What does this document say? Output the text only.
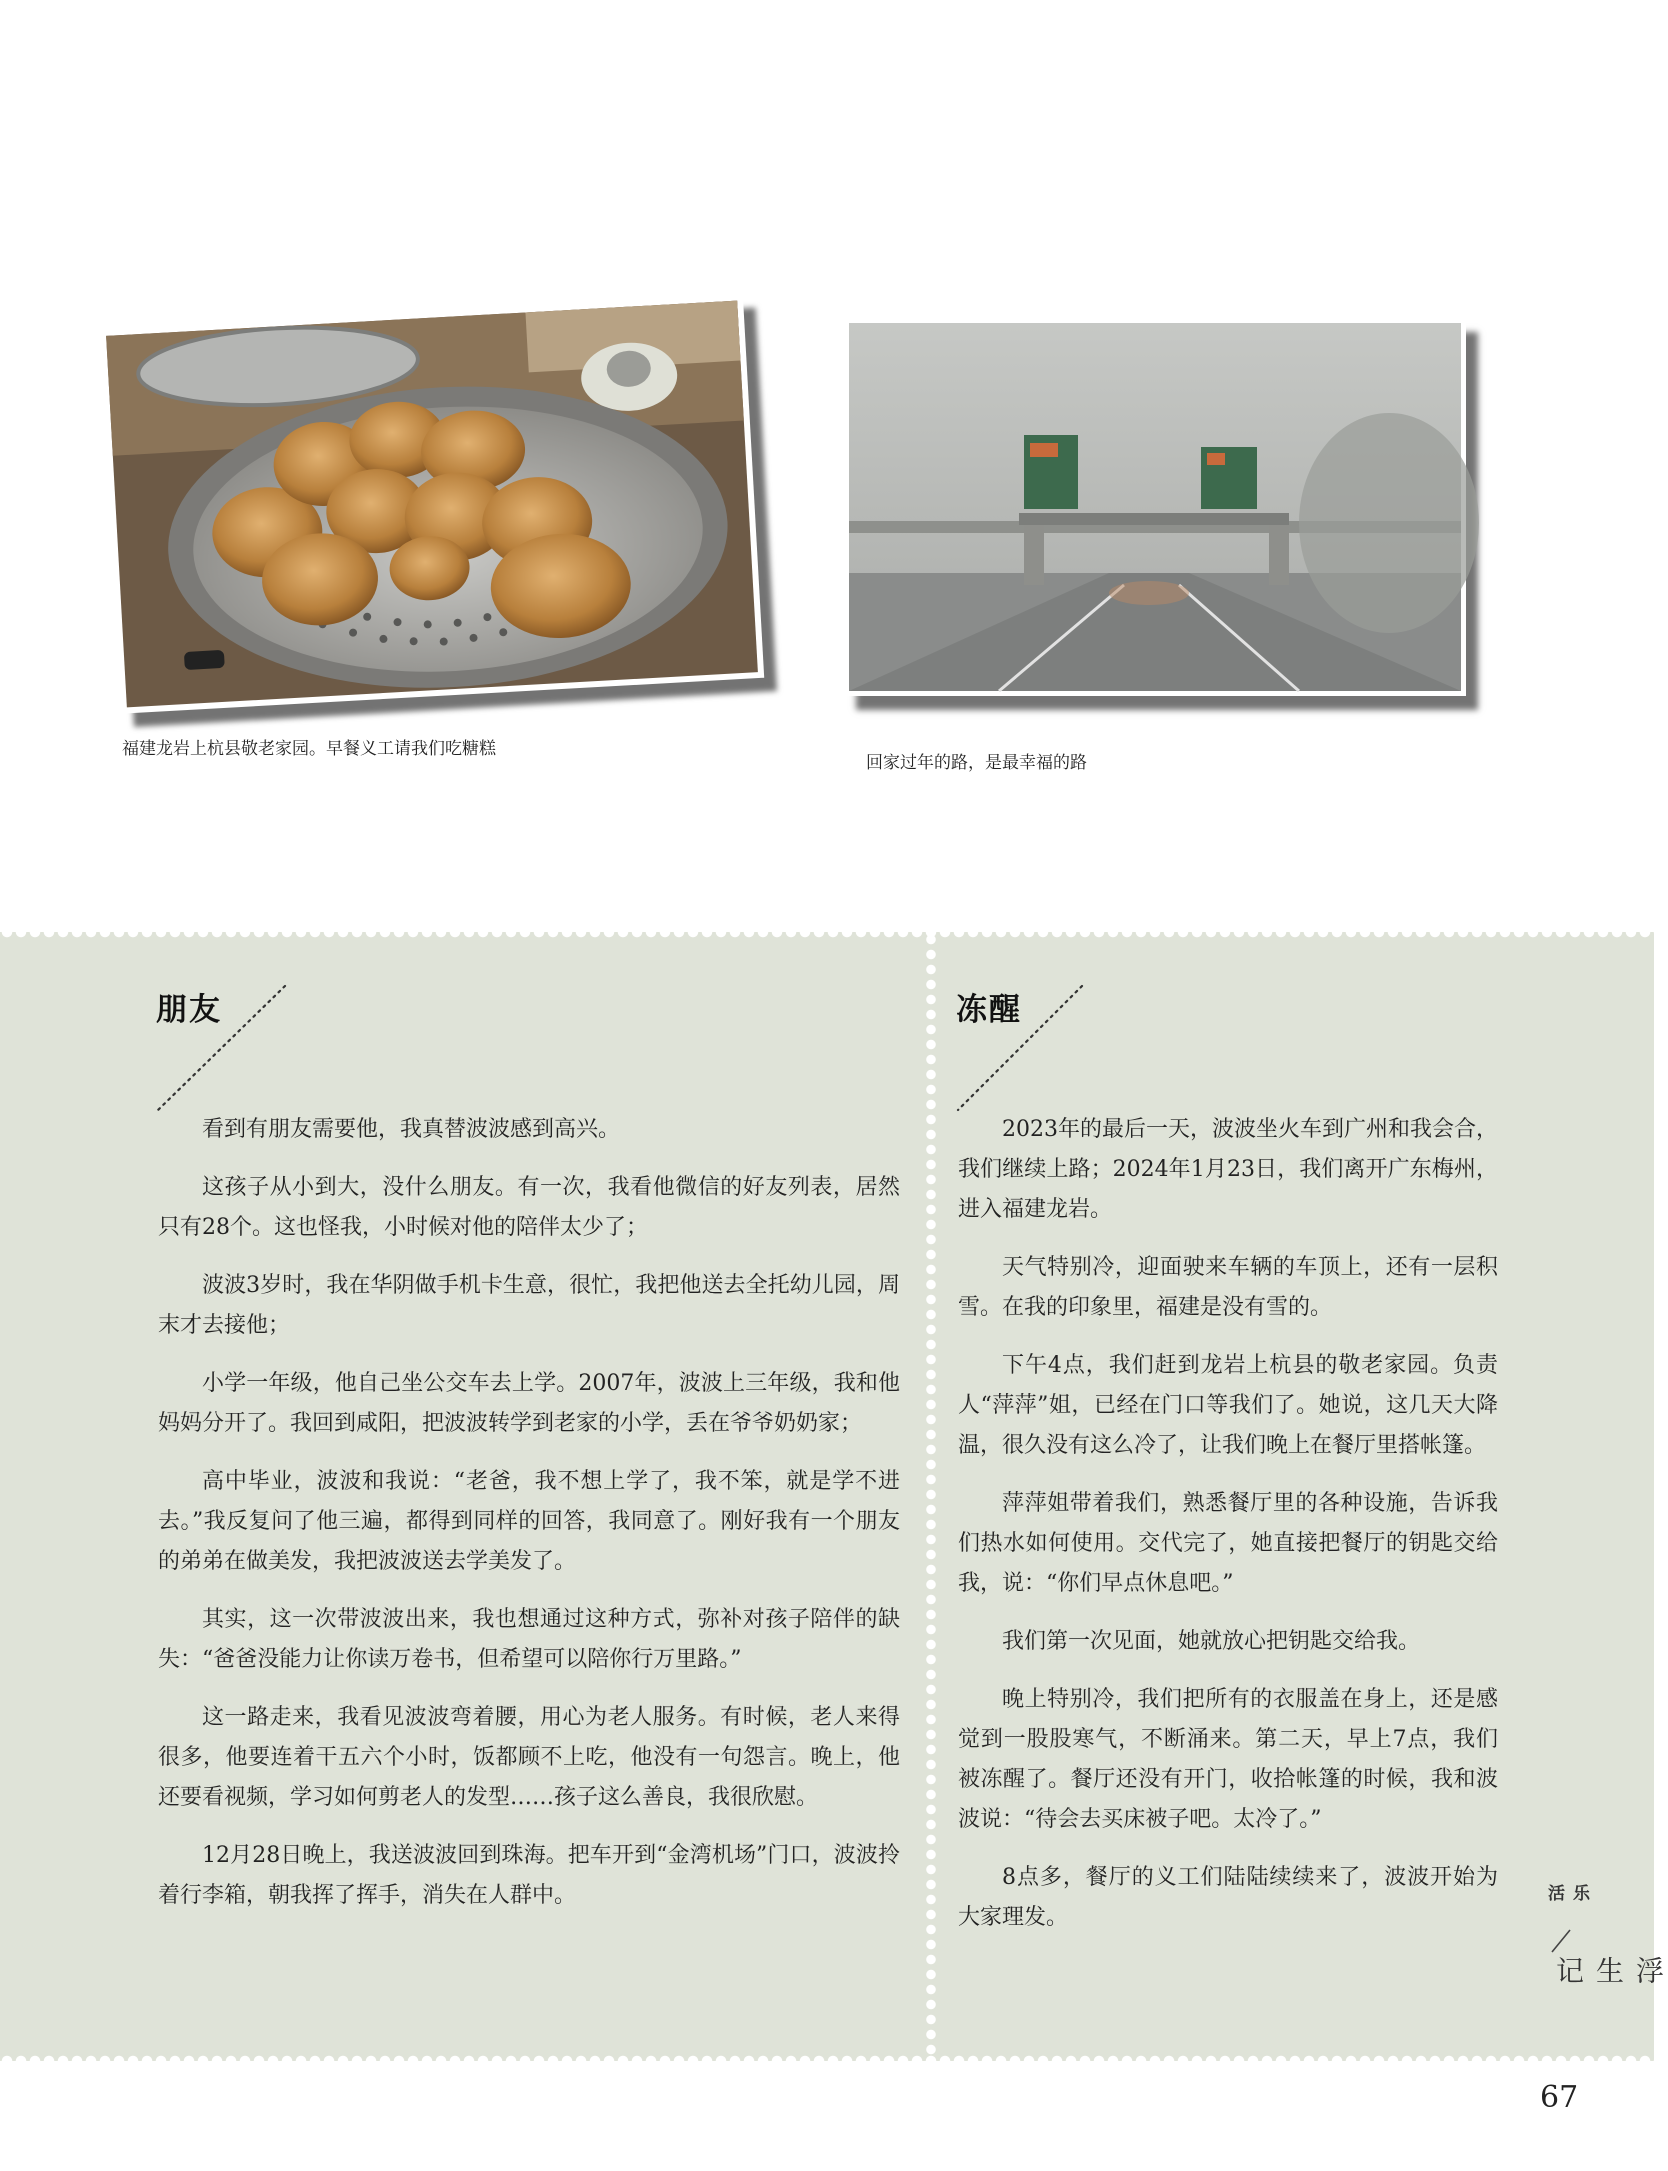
福建龙岩上杭县敬老家园。早餐义工请我们吃糖糕
回家过年的路，是最幸福的路
朋友

看到有朋友需要他，我真替波波感到高兴。

这孩子从小到大，没什么朋友。有一次，我看他微信的好友列表，居然只有28个。这也怪我，小时候对他的陪伴太少了；

波波3岁时，我在华阴做手机卡生意，很忙，我把他送去全托幼儿园，周末才去接他；

小学一年级，他自己坐公交车去上学。2007年，波波上三年级，我和他妈妈分开了。我回到咸阳，把波波转学到老家的小学，丢在爷爷奶奶家；

高中毕业，波波和我说：“老爸，我不想上学了，我不笨，就是学不进去。”我反复问了他三遍，都得到同样的回答，我同意了。刚好我有一个朋友的弟弟在做美发，我把波波送去学美发了。

其实，这一次带波波出来，我也想通过这种方式，弥补对孩子陪伴的缺失：“爸爸没能力让你读万卷书，但希望可以陪你行万里路。”

这一路走来，我看见波波弯着腰，用心为老人服务。有时候，老人来得很多，他要连着干五六个小时，饭都顾不上吃，他没有一句怨言。晚上，他还要看视频，学习如何剪老人的发型……孩子这么善良，我很欣慰。

12月28日晚上，我送波波回到珠海。把车开到“金湾机场”门口，波波拎着行李箱，朝我挥了挥手，消失在人群中。

冻醒

2023年的最后一天，波波坐火车到广州和我会合，我们继续上路；2024年1月23日，我们离开广东梅州，进入福建龙岩。

天气特别冷，迎面驶来车辆的车顶上，还有一层积雪。在我的印象里，福建是没有雪的。

下午4点，我们赶到龙岩上杭县的敬老家园。负责人“萍萍”姐，已经在门口等我们了。她说，这几天大降温，很久没有这么冷了，让我们晚上在餐厅里搭帐篷。

萍萍姐带着我们，熟悉餐厅里的各种设施，告诉我们热水如何使用。交代完了，她直接把餐厅的钥匙交给我，说：“你们早点休息吧。”

我们第一次见面，她就放心把钥匙交给我。

晚上特别冷，我们把所有的衣服盖在身上，还是感觉到一股股寒气，不断涌来。第二天，早上7点，我们被冻醒了。餐厅还没有开门，收拾帐篷的时候，我和波波说：“待会去买床被子吧。太冷了。”

8点多，餐厅的义工们陆陆续续来了，波波开始为大家理发。

乐活
浮生记
67
